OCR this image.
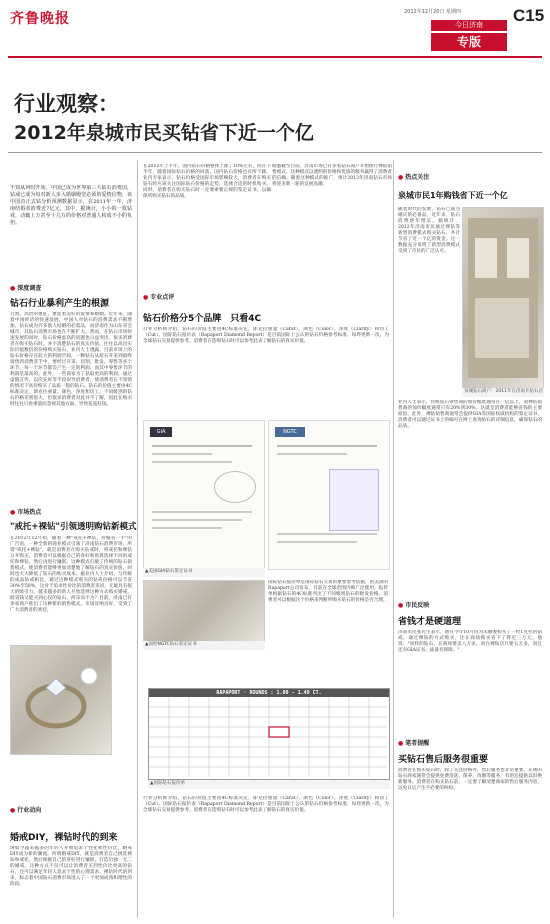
齐鲁晚报	2012年12月20日 星期四	C15
今日济南
专版
行业观察：
2012年泉城市民买钻省下近一个亿
不知从何时开始，中国已成为世界第三大钻石消费国，钻戒已成为每对新人步入婚姻殿堂必须的爱情信物，该中国首正式钻分析预测数据显示，在2011年一年，济南结婚者消费近7亿元，其中，据统计，小小的一枚钻戒，动辄上万甚至十几万的价格对普通人构成不小的负担。
● 深度调查
钻石行业暴利产生的根源
自然、高贵的象征，象征着美好的爱情和婚姻。近年来，随着中国经济的快速发展，中国人对钻石的消费需求不断增加，钻石成为许多新人结婚的必需品，而济南作为山东省会城市，其钻石消费市场也在不断扩大。然而，在钻石市场快速发展的同时，钻石价格虚高的问题也日益突出。很多消费者在购买钻石时，并不清楚钻石的真实价值，往往以高出实际价值数倍的价格购买钻石，业内人士透露，目前市场上的钻石价格存在较大的利润空间，一颗钻石从原石开采到最终销售到消费者手中，要经过开采、切割、批发、零售等多个环节，每一个环节都会产生一定的利润，而其中零售环节的利润是最高的。此外，一些商家为了获取更高的利润，通过虚假宣传、以次充好等手段误导消费者，使消费者在不知情的情况下高价购买了品质一般的钻石。钻石的价值主要由4C标准决定，即克拉重量、颜色、净度和切工。不同级别的钻石价格差别很大，但很多消费者对此并不了解，因此在购买时往往只看重量而忽视其他方面，导致花冤枉钱。
● 市场热点
"戒托+裸钻"引领透明购钻新模式
在2012年12月初，随着一种"戒托+裸钻，价格省一半"的广告语，一种全新的商业模式引领了济南钻石消费市场。所谓"戒托+裸钻"，就是消费者在购买钻戒时，将戒托和裸钻分开购买，消费者可以根据自己的喜好和预算选择不同的戒托和裸钻，然后再进行镶嵌。这种模式打破了传统的钻石销售模式，使消费者能够更加清楚地了解钻石的真实价值，同时也大大降低了钻石的购买成本。据业内人士介绍，与传统的成品钻戒相比，通过这种模式购买的钻戒价格可以节省30%至50%，这对于追求性价比的消费者来说，无疑具有很大的吸引力。越来越多的新人开始选择这种方式购买婚戒，既省钱又能买到心仪的钻石，何乐而不为？目前，济南已有多家商户推出了这种新的销售模式，市场反响良好，受到了广大消费者的欢迎。
● 行业动向
婚戒DIY，裸钻时代的到来
现如今越来越多的年轻人开始追求个性化和性价比，婚戒DIY成为新的潮流。所谓婚戒DIY，就是消费者自己挑选裸钻和戒托，然后根据自己的喜好进行镶嵌，打造出独一无二的婚戒。这种方式不仅可以让消费者买到性价比更高的钻石，还可以满足年轻人追求个性的心理需求。裸钻时代的到来，标志着中国钻石消费市场进入了一个更加成熟和理性的阶段。
在2012年上半年，国内钻石价格整体上涨了10%左右，而在下半年，随着国际钻石价格的回落，国内钻石价格也有所下降。业内专家表示，钻石价格受国际市场影响较大，消费者在购买钻石时应该关注国际钻石价格的走势，选择合适的时机购买。同时，消费者在购买钻石时一定要索要正规的鉴定证书，以确保所购买钻石的品质。
据悉截至目前，济南市场已有多家钻石商户开始推行裸钻销售模式，这种模式以透明的价格和优质的服务赢得了消费者的信赖。随着这种模式的推广，预计2013年济南钻石市场将迎来新一轮的发展高潮。
● 专业点评
钻石价格分5个品牌　只看4C
行业分析师介绍，钻石的价值主要由4C标准决定，即克拉重量（Carat）、颜色（Color）、净度（Clarity）和切工（Cut）。国际钻石报价表（Rapaport Diamond Report）是目前国际上公认的钻石价格参考标准，每周更新一次，为全球钻石交易提供参考。消费者在选购钻石时可以参考此表了解钻石的真实价值。
GIA	NGTC
▲美国GIA钻石鉴定证书
▲国检NGTC钻石鉴定证书
国际钻石报价单是国际钻石交易的重要参考依据，由美国的Rapaport公司发布，目前在全球范围内被广泛使用。报价单根据钻石的4C标准列出了不同级别钻石的批发价格，消费者可以根据这个价格来判断所购买钻石的价格是否合理。
RAPAPORT · ROUNDS : 1.00 - 1.49 CT.
▲国际钻石报价单
行业分析师介绍，钻石的价值主要由4C标准决定，即克拉重量（Carat）、颜色（Color）、净度（Clarity）和切工（Cut）。国际钻石报价表（Rapaport Diamond Report）是目前国际上公认的钻石价格参考标准，每周更新一次，为全球钻石交易提供参考。消费者在选购钻石时可以参考此表了解钻石的真实价值。
● 热点关注
泉城市民1年购钱省下近一个亿
随着时代的发展，钻石已成为婚庆的必备品，近年来，钻石消费逐年增长。据统计，2012年济南市民通过裸钻等新型消费模式购买钻石，共计节省了近一个亿的资金。这一数据充分说明了新型消费模式受到了市民的广泛认可。
泉城钻石商户：2011年在济南开钻石店
业内人士表示，传统钻石零售商的加价幅度通常在一倍以上，而裸钻销售商的加价幅度通常只有20%到30%，这就是消费者能够省钱的主要原因。此外，裸钻销售商通常会提供GIA等国际权威机构的鉴定证书，消费者可以通过证书上的编号在网上查询钻石的详细信息，确保钻石的品质。
● 市民反映
省钱才是硬道理
济南市民张先生表示，他在今年10月份为未婚妻购买了一枚1克拉的钻戒，通过裸钻的方式购买，比在商场购买省下了将近三万元。他说："同样的钻石，在商场要卖八万多，而在裸钻店只要五万多，而且还有GIA证书，质量有保障。"
● 笔者提醒
买钻石售后服务很重要
消费者在购买钻石时，除了关注价格外，售后服务也非常重要。正规的钻石商家通常会提供免费清洗、保养、改圈等服务，有的还提供以旧换新服务。消费者在购买钻石前，一定要了解清楚商家的售后服务内容，以免日后产生不必要的纠纷。
